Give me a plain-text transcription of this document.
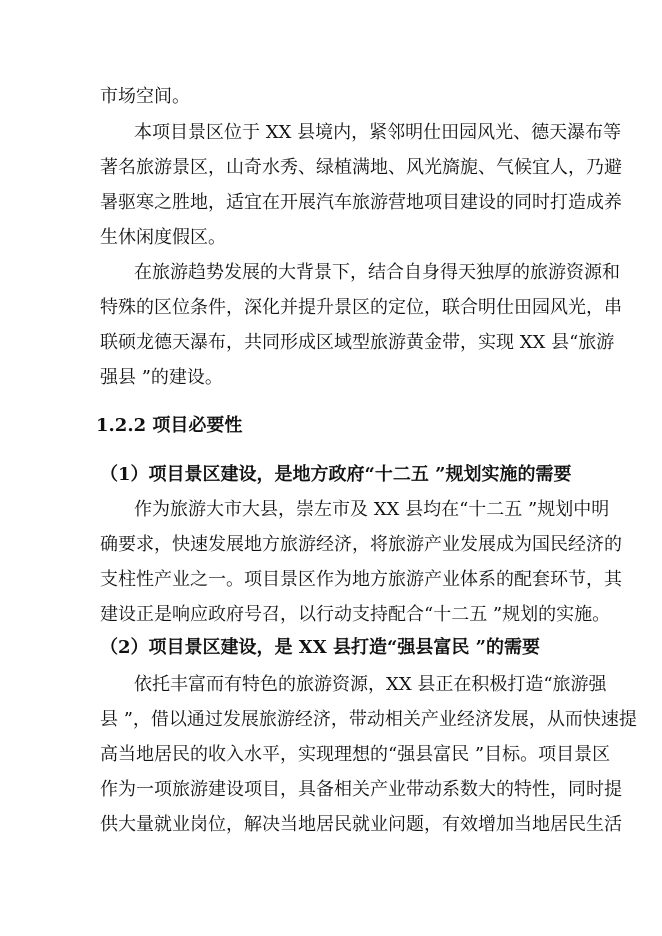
市场空间。
本项目景区位于 XX 县境内，紧邻明仕田园风光、德天瀑布等
著名旅游景区，山奇水秀、绿植满地、风光旖旎、气候宜人，乃避
暑驱寒之胜地，适宜在开展汽车旅游营地项目建设的同时打造成养
生休闲度假区。
在旅游趋势发展的大背景下，结合自身得天独厚的旅游资源和
特殊的区位条件，深化并提升景区的定位，联合明仕田园风光，串
联硕龙德天瀑布，共同形成区域型旅游黄金带，实现 XX 县“旅游
强县 ”的建设。
1.2.2 项目必要性
（1）项目景区建设，是地方政府“十二五 ”规划实施的需要
作为旅游大市大县，崇左市及 XX 县均在“十二五 ”规划中明
确要求，快速发展地方旅游经济，将旅游产业发展成为国民经济的
支柱性产业之一。项目景区作为地方旅游产业体系的配套环节，其
建设正是响应政府号召，以行动支持配合“十二五 ”规划的实施。
（2）项目景区建设，是 XX 县打造“强县富民 ”的需要
依托丰富而有特色的旅游资源，XX 县正在积极打造“旅游强
县 ”，借以通过发展旅游经济，带动相关产业经济发展，从而快速提
高当地居民的收入水平，实现理想的“强县富民 ”目标。项目景区
作为一项旅游建设项目，具备相关产业带动系数大的特性，同时提
供大量就业岗位，解决当地居民就业问题，有效增加当地居民生活
